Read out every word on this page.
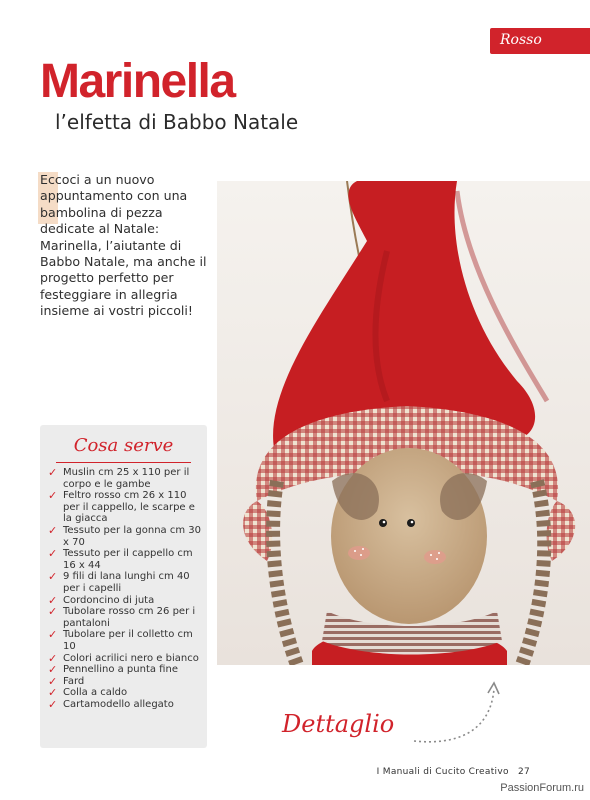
Rosso
Marinella
l’elfetta di Babbo Natale

Eccoci a un nuovo appuntamento con una bambolina di pezza dedicate al Natale: Marinella, l’aiutante di Babbo Natale, ma anche il progetto perfetto per festeggiare in allegria insieme ai vostri piccoli!

Cosa serve

✓ Muslin cm 25 x 110 per il corpo e le gambe
✓ Feltro rosso cm 26 x 110 per il cappello, le scarpe e la giacca
✓ Tessuto per la gonna cm 30 x 70
✓ Tessuto per il cappello cm 16 x 44
✓ 9 fili di lana lunghi cm 40 per i capelli
✓ Cordoncino di juta
✓ Tubolare rosso cm 26 per i pantaloni
✓ Tubolare per il colletto cm 10
✓ Colori acrilici nero e bianco
✓ Pennellino a punta fine
✓ Fard
✓ Colla a caldo
✓ Cartamodello allegato

Dettaglio

I Manuali di Cucito Creativo 27
PassionForum.ru
